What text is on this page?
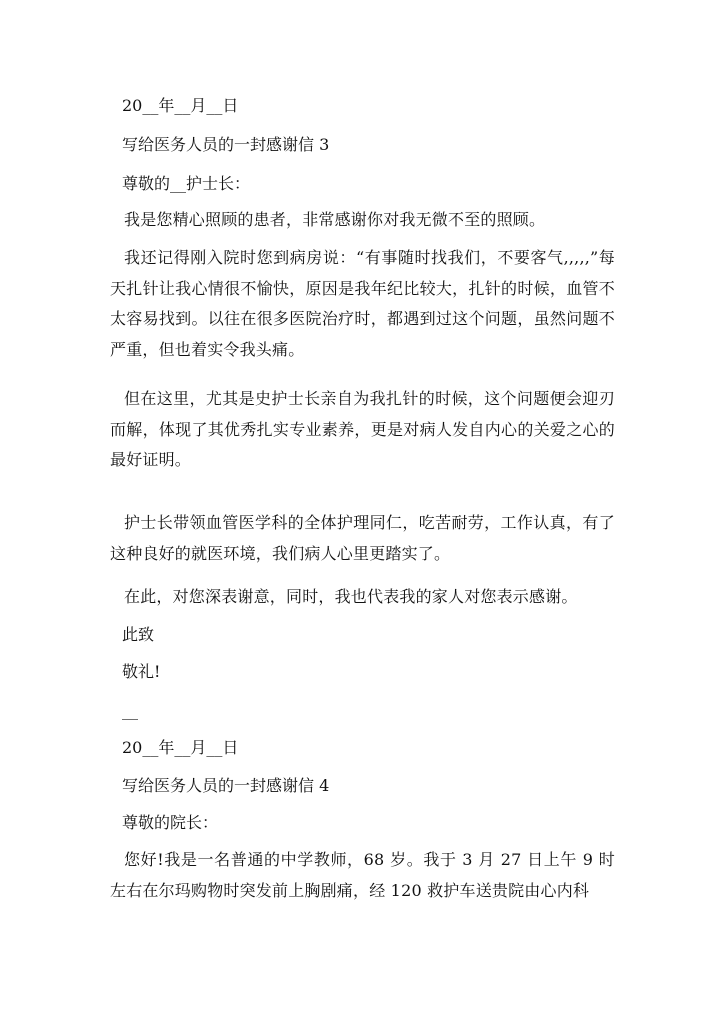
20__年__月__日

写给医务人员的一封感谢信 3

尊敬的__护士长：

我是您精心照顾的患者，非常感谢你对我无微不至的照顾。

我还记得刚入院时您到病房说：“有事随时找我们，不要客气,,,,,”每天扎针让我心情很不愉快，原因是我年纪比较大，扎针的时候，血管不太容易找到。以往在很多医院治疗时，都遇到过这个问题，虽然问题不严重，但也着实令我头痛。

但在这里，尤其是史护士长亲自为我扎针的时候，这个问题便会迎刃而解，体现了其优秀扎实专业素养，更是对病人发自内心的关爱之心的最好证明。

护士长带领血管医学科的全体护理同仁，吃苦耐劳，工作认真，有了这种良好的就医环境，我们病人心里更踏实了。

在此，对您深表谢意，同时，我也代表我的家人对您表示感谢。

此致

敬礼!

__

20__年__月__日

写给医务人员的一封感谢信 4

尊敬的院长：

您好!我是一名普通的中学教师，68 岁。我于 3 月 27 日上午 9 时左右在尔玛购物时突发前上胸剧痛，经 120 救护车送贵院由心内科
